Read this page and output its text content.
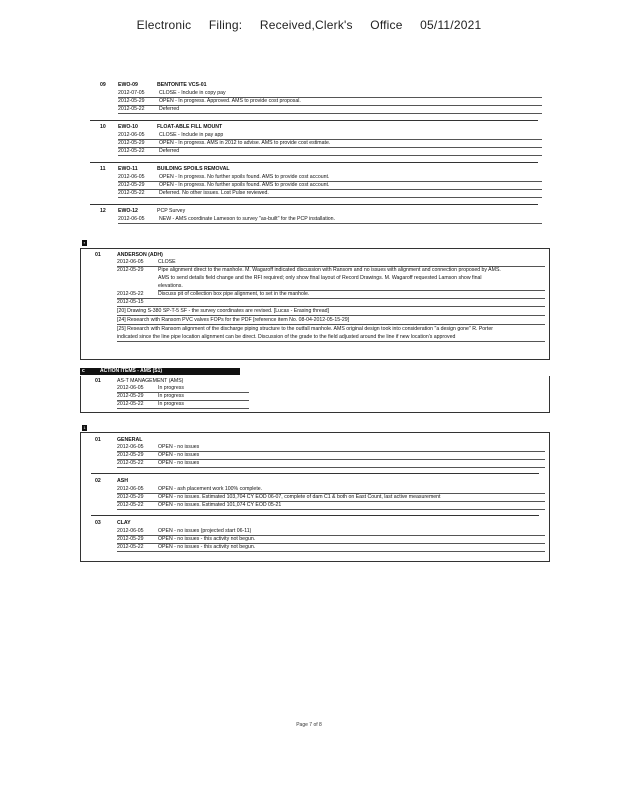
Electronic Filing: Received,Clerk's Office 05/11/2021
09 EWO-09	BENTONITE VCS-01
2012-07-05	CLOSE - Include in copy pay
2012-05-29	OPEN - In progress. Approved. AMS to provide cost proposal.
2012-05-22	Deferred
10 EWO-10	FLOAT-ABLE FILL MOUNT
2012-06-05	CLOSE - Include in pay app
2012-05-29	OPEN - In progress. AMS in 2012 to advise. AMS to provide cost estimate.
2012-05-22	Deferred
11 EWO-11	BUILDING SPOILS REMOVAL
2012-06-05	OPEN - In progress. No further spoils found. AMS to provide cost account.
2012-05-29	OPEN - In progress. No further spoils found. AMS to provide cost account.
2012-05-22	Deferred. No other issues. Lost Pulse reviewed.
12 EWO-12	PCP Survey
2012-06-05	NEW - AMS coordinate Lameson to survey "as-built" for the PCP installation.
▪
01	ANDERSON (ADH)
2012-06-05	CLOSE
2012-05-29	Pipe alignment direct to the manhole. M. Wagaroff indicated discussion with Ransom and no issues with alignment and connection proposed by AMS.
AMS to send details field change and the RFI required; only show final layout of Record Drawings. M. Wagaroff requested Lamson show final
elevations.
2012-05-22	Discuss pit of collection box pipe alignment, to set in the manhole.
2012-05-15
[20] Drawing S-380 SP-T-5 SF - the survey coordinates are revised. [Lucas - Erasing thread]
[24] Research with Ransom PVC valves FOPs for the PDF [reference item No. 08-04-2012-05-15-29]
[25] Research with Ransom alignment of the discharge piping structure to the outfall manhole. AMS original design took into consideration "a design gone" R. Porter
indicated since the line pipe location alignment can be direct. Discussion of the grade to the field adjusted around the line if new location's approved
c	ACTION ITEMS - AMS (S1)
01	AS-T MANAGEMENT (AMS)
2012-06-05	In progress
2012-05-29	In progress
2012-05-22	In progress
1
01	GENERAL
2012-06-05	OPEN - no issues
2012-05-29	OPEN - no issues
2012-05-22	OPEN - no issues
02	ASH
2012-06-05	OPEN - ash placement work 100% complete.
2012-05-29	OPEN - no issues. Estimated 103,704 CY EOD 06-07, complete of dam C1 & both on East Count, last active measurement
2012-05-22	OPEN - no issues. Estimated 101,074 CY EOD 05-21
03	CLAY
2012-06-05	OPEN - no issues (projected start 06-11)
2012-05-29	OPEN - no issues - this activity not begun.
2012-05-22	OPEN - no issues - this activity not begun.
Page 7 of 8
